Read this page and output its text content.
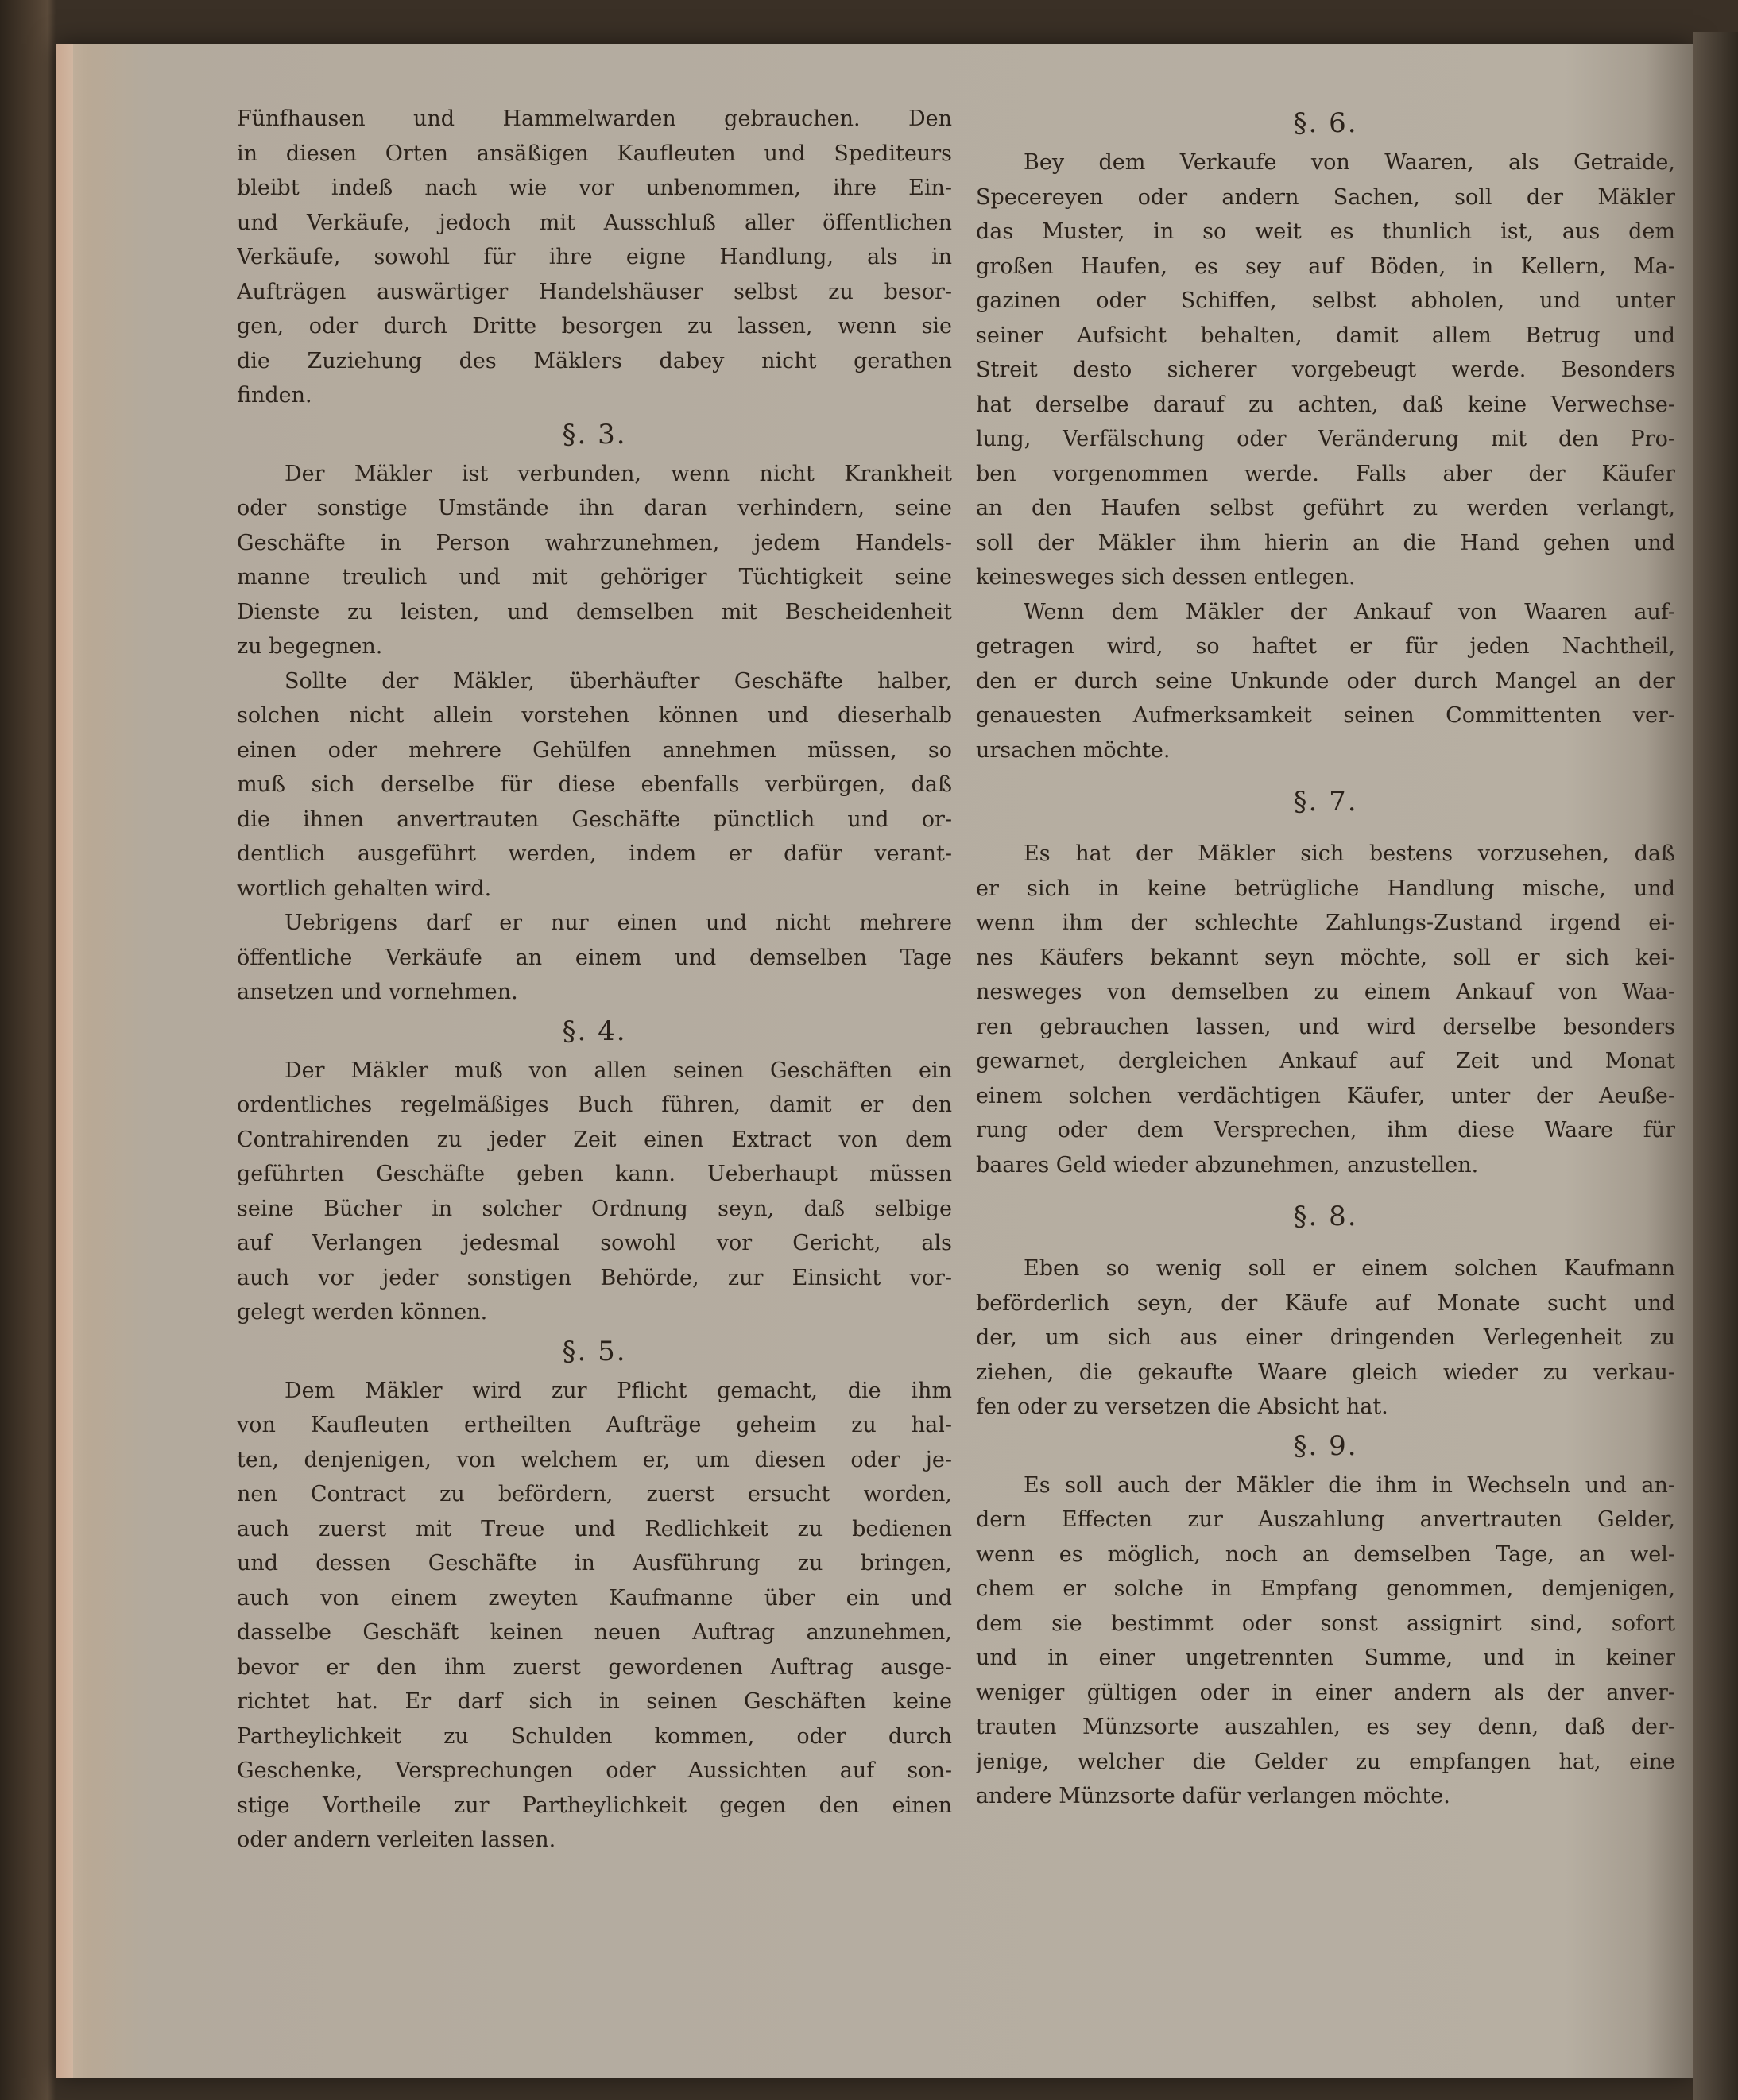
Fünfhausen und Hammelwarden gebrauchen. Den
in diesen Orten ansäßigen Kaufleuten und Spediteurs
bleibt indeß nach wie vor unbenommen, ihre Ein-
und Verkäufe, jedoch mit Ausschluß aller öffentlichen
Verkäufe, sowohl für ihre eigne Handlung, als in
Aufträgen auswärtiger Handelshäuser selbst zu besor-
gen, oder durch Dritte besorgen zu lassen, wenn sie
die Zuziehung des Mäklers dabey nicht gerathen
finden.
§. 3.
Der Mäkler ist verbunden, wenn nicht Krankheit
oder sonstige Umstände ihn daran verhindern, seine
Geschäfte in Person wahrzunehmen, jedem Handels-
manne treulich und mit gehöriger Tüchtigkeit seine
Dienste zu leisten, und demselben mit Bescheidenheit
zu begegnen.
Sollte der Mäkler, überhäufter Geschäfte halber,
solchen nicht allein vorstehen können und dieserhalb
einen oder mehrere Gehülfen annehmen müssen, so
muß sich derselbe für diese ebenfalls verbürgen, daß
die ihnen anvertrauten Geschäfte pünctlich und or-
dentlich ausgeführt werden, indem er dafür verant-
wortlich gehalten wird.
Uebrigens darf er nur einen und nicht mehrere
öffentliche Verkäufe an einem und demselben Tage
ansetzen und vornehmen.
§. 4.
Der Mäkler muß von allen seinen Geschäften ein
ordentliches regelmäßiges Buch führen, damit er den
Contrahirenden zu jeder Zeit einen Extract von dem
geführten Geschäfte geben kann. Ueberhaupt müssen
seine Bücher in solcher Ordnung seyn, daß selbige
auf Verlangen jedesmal sowohl vor Gericht, als
auch vor jeder sonstigen Behörde, zur Einsicht vor-
gelegt werden können.
§. 5.
Dem Mäkler wird zur Pflicht gemacht, die ihm
von Kaufleuten ertheilten Aufträge geheim zu hal-
ten, denjenigen, von welchem er, um diesen oder je-
nen Contract zu befördern, zuerst ersucht worden,
auch zuerst mit Treue und Redlichkeit zu bedienen
und dessen Geschäfte in Ausführung zu bringen,
auch von einem zweyten Kaufmanne über ein und
dasselbe Geschäft keinen neuen Auftrag anzunehmen,
bevor er den ihm zuerst gewordenen Auftrag ausge-
richtet hat. Er darf sich in seinen Geschäften keine
Partheylichkeit zu Schulden kommen, oder durch
Geschenke, Versprechungen oder Aussichten auf son-
stige Vortheile zur Partheylichkeit gegen den einen
oder andern verleiten lassen.
§. 6.
Bey dem Verkaufe von Waaren, als Getraide,
Specereyen oder andern Sachen, soll der Mäkler
das Muster, in so weit es thunlich ist, aus dem
großen Haufen, es sey auf Böden, in Kellern, Ma-
gazinen oder Schiffen, selbst abholen, und unter
seiner Aufsicht behalten, damit allem Betrug und
Streit desto sicherer vorgebeugt werde. Besonders
hat derselbe darauf zu achten, daß keine Verwechse-
lung, Verfälschung oder Veränderung mit den Pro-
ben vorgenommen werde. Falls aber der Käufer
an den Haufen selbst geführt zu werden verlangt,
soll der Mäkler ihm hierin an die Hand gehen und
keinesweges sich dessen entlegen.
Wenn dem Mäkler der Ankauf von Waaren auf-
getragen wird, so haftet er für jeden Nachtheil,
den er durch seine Unkunde oder durch Mangel an der
genauesten Aufmerksamkeit seinen Committenten ver-
ursachen möchte.
§. 7.
Es hat der Mäkler sich bestens vorzusehen, daß
er sich in keine betrügliche Handlung mische, und
wenn ihm der schlechte Zahlungs-Zustand irgend ei-
nes Käufers bekannt seyn möchte, soll er sich kei-
nesweges von demselben zu einem Ankauf von Waa-
ren gebrauchen lassen, und wird derselbe besonders
gewarnet, dergleichen Ankauf auf Zeit und Monat
einem solchen verdächtigen Käufer, unter der Aeuße-
rung oder dem Versprechen, ihm diese Waare für
baares Geld wieder abzunehmen, anzustellen.
§. 8.
Eben so wenig soll er einem solchen Kaufmann
beförderlich seyn, der Käufe auf Monate sucht und
der, um sich aus einer dringenden Verlegenheit zu
ziehen, die gekaufte Waare gleich wieder zu verkau-
fen oder zu versetzen die Absicht hat.
§. 9.
Es soll auch der Mäkler die ihm in Wechseln und an-
dern Effecten zur Auszahlung anvertrauten Gelder,
wenn es möglich, noch an demselben Tage, an wel-
chem er solche in Empfang genommen, demjenigen,
dem sie bestimmt oder sonst assignirt sind, sofort
und in einer ungetrennten Summe, und in keiner
weniger gültigen oder in einer andern als der anver-
trauten Münzsorte auszahlen, es sey denn, daß der-
jenige, welcher die Gelder zu empfangen hat, eine
andere Münzsorte dafür verlangen möchte.
